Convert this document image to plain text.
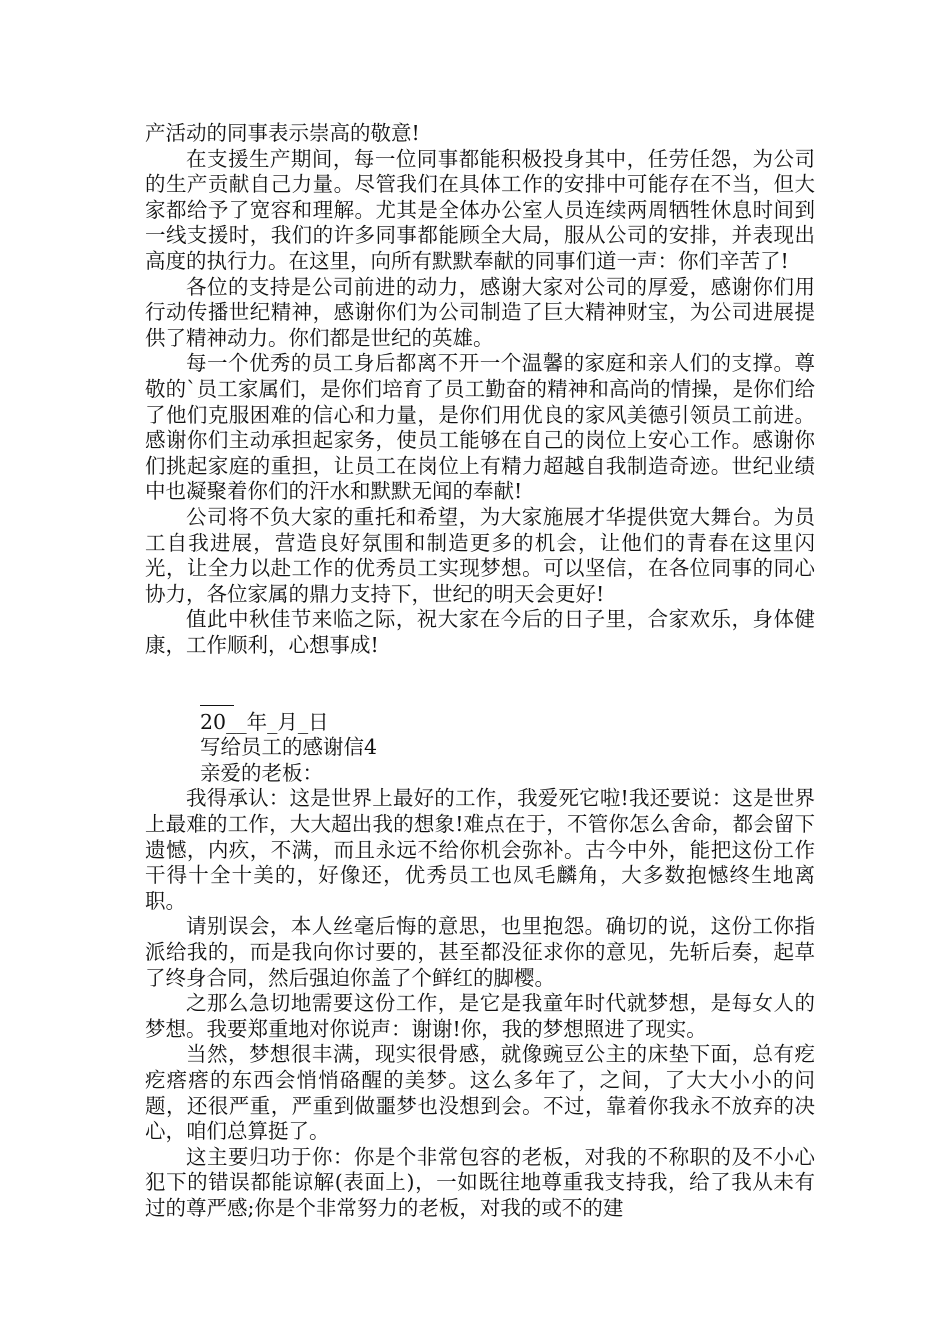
产活动的同事表示崇高的敬意!

在支援生产期间，每一位同事都能积极投身其中，任劳任怨，为公司的生产贡献自己力量。尽管我们在具体工作的安排中可能存在不当，但大家都给予了宽容和理解。尤其是全体办公室人员连续两周牺牲休息时间到一线支援时，我们的许多同事都能顾全大局，服从公司的安排，并表现出高度的执行力。在这里，向所有默默奉献的同事们道一声：你们辛苦了!

各位的支持是公司前进的动力，感谢大家对公司的厚爱，感谢你们用行动传播世纪精神，感谢你们为公司制造了巨大精神财宝，为公司进展提供了精神动力。你们都是世纪的英雄。

每一个优秀的员工身后都离不开一个温馨的家庭和亲人们的支撑。尊敬的`员工家属们，是你们培育了员工勤奋的精神和高尚的情操，是你们给了他们克服困难的信心和力量，是你们用优良的家风美德引领员工前进。感谢你们主动承担起家务，使员工能够在自己的岗位上安心工作。感谢你们挑起家庭的重担，让员工在岗位上有精力超越自我制造奇迹。世纪业绩中也凝聚着你们的汗水和默默无闻的奉献!

公司将不负大家的重托和希望，为大家施展才华提供宽大舞台。为员工自我进展，营造良好氛围和制造更多的机会，让他们的青春在这里闪光，让全力以赴工作的优秀员工实现梦想。可以坚信，在各位同事的同心协力，各位家属的鼎力支持下，世纪的明天会更好!

值此中秋佳节来临之际，祝大家在今后的日子里，合家欢乐，身体健康，工作顺利，心想事成!

20__年_月_日

写给员工的感谢信4

亲爱的老板：

我得承认：这是世界上最好的工作，我爱死它啦!我还要说：这是世界上最难的工作，大大超出我的想象!难点在于，不管你怎么舍命，都会留下遗憾，内疚，不满，而且永远不给你机会弥补。古今中外，能把这份工作干得十全十美的，好像还，优秀员工也凤毛麟角，大多数抱憾终生地离职。

请别误会，本人丝毫后悔的意思，也里抱怨。确切的说，这份工你指派给我的，而是我向你讨要的，甚至都没征求你的意见，先斩后奏，起草了终身合同，然后强迫你盖了个鲜红的脚樱。

之那么急切地需要这份工作，是它是我童年时代就梦想，是每女人的梦想。我要郑重地对你说声：谢谢!你，我的梦想照进了现实。

当然，梦想很丰满，现实很骨感，就像豌豆公主的床垫下面，总有疙疙瘩瘩的东西会悄悄硌醒的美梦。这么多年了，之间，了大大小小的问题，还很严重，严重到做噩梦也没想到会。不过，靠着你我永不放弃的决心，咱们总算挺了。

这主要归功于你：你是个非常包容的老板，对我的不称职的及不小心犯下的错误都能谅解(表面上)，一如既往地尊重我支持我，给了我从未有过的尊严感;你是个非常努力的老板，对我的或不的建
